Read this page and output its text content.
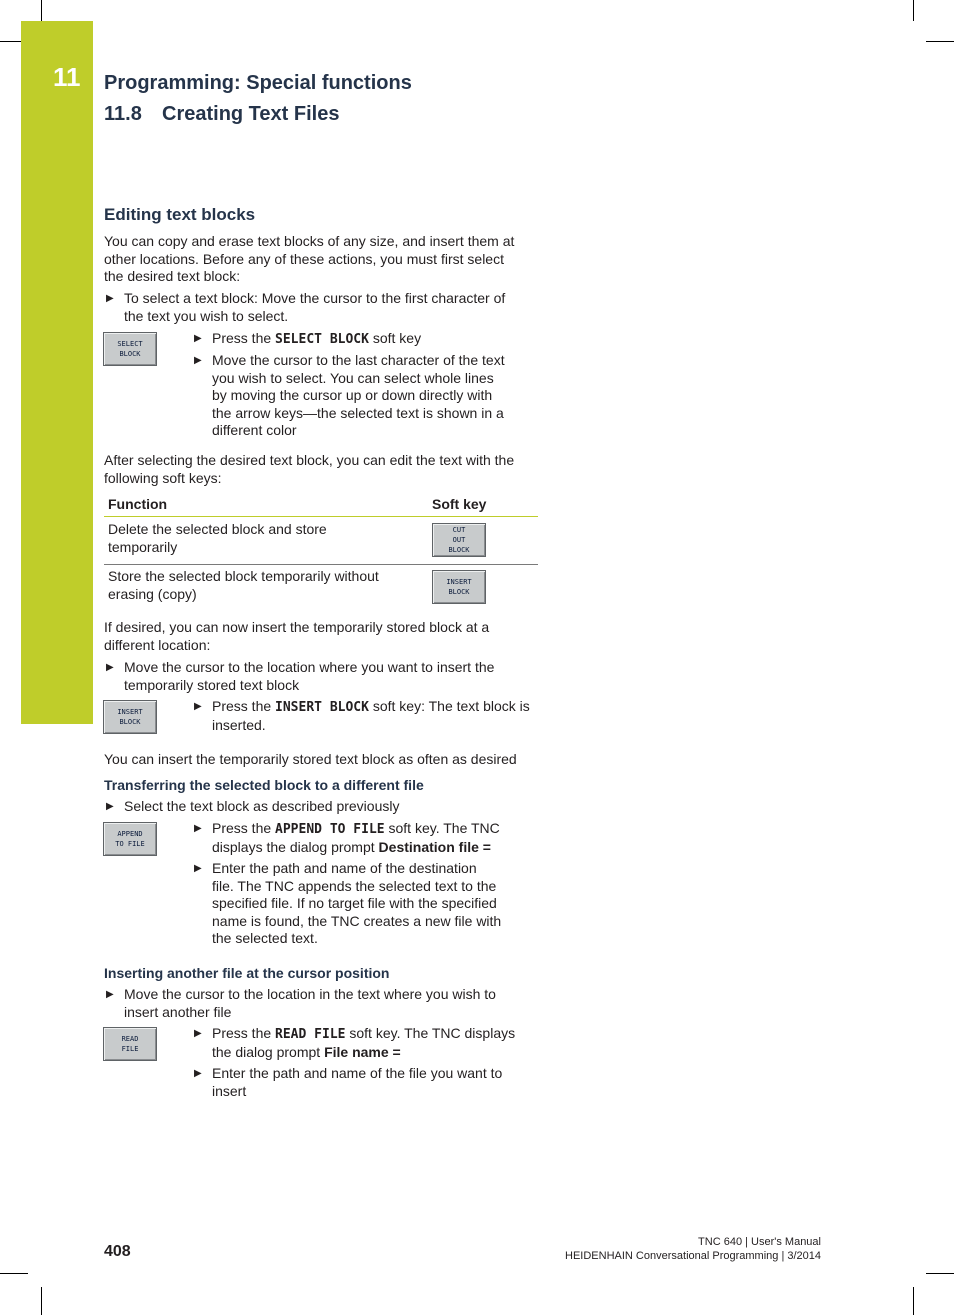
11 Programming: Special functions
11.8 Creating Text Files
Editing text blocks
You can copy and erase text blocks of any size, and insert them at
other locations. Before any of these actions, you must first select
the desired text block:
▶ To select a text block: Move the cursor to the first character of
the text you wish to select.
SELECT
BLOCK
▶ Press the SELECT BLOCK soft key
▶ Move the cursor to the last character of the text
you wish to select. You can select whole lines
by moving the cursor up or down directly with
the arrow keys—the selected text is shown in a
different color
After selecting the desired text block, you can edit the text with the
following soft keys:
Function	Soft key
Delete the selected block and store
temporarily
CUT
OUT
BLOCK
Store the selected block temporarily without
erasing (copy)
INSERT
BLOCK
If desired, you can now insert the temporarily stored block at a
different location:
▶ Move the cursor to the location where you want to insert the
temporarily stored text block
INSERT
BLOCK
▶ Press the INSERT BLOCK soft key: The text block is
inserted.
You can insert the temporarily stored text block as often as desired
Transferring the selected block to a different file
▶ Select the text block as described previously
APPEND
TO FILE
▶ Press the APPEND TO FILE soft key. The TNC
displays the dialog prompt Destination file =
▶ Enter the path and name of the destination
file. The TNC appends the selected text to the
specified file. If no target file with the specified
name is found, the TNC creates a new file with
the selected text.
Inserting another file at the cursor position
▶ Move the cursor to the location in the text where you wish to
insert another file
READ
FILE
▶ Press the READ FILE soft key. The TNC displays
the dialog prompt File name =
▶ Enter the path and name of the file you want to
insert
408
TNC 640 | User's Manual
HEIDENHAIN Conversational Programming | 3/2014
